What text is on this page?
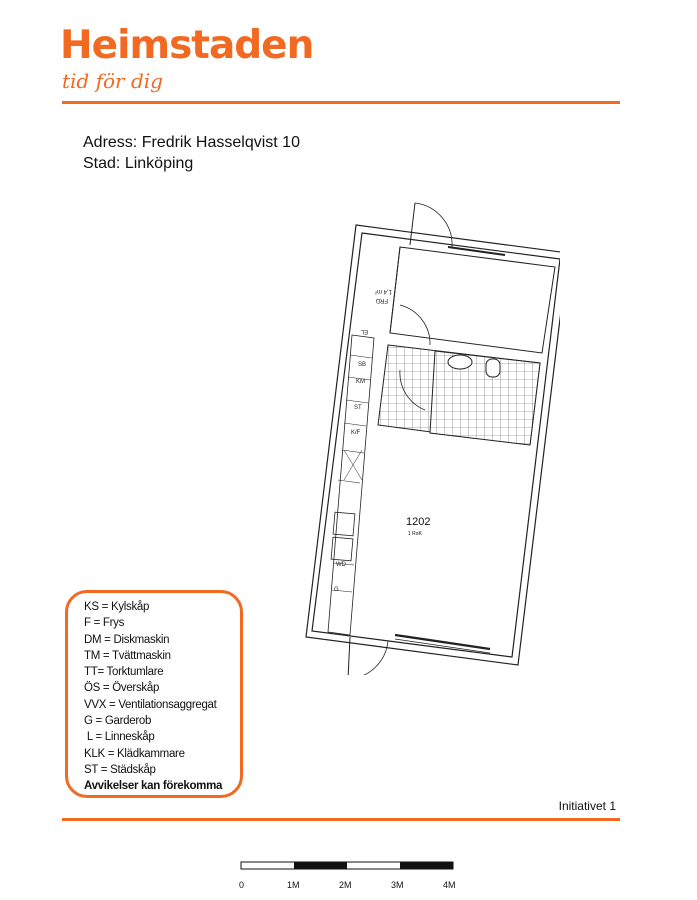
Heimstaden
tid för dig
Adress: Fredrik Hasselqvist 10
Stad: Linköping
EL
SB
KM
ST
K/F
WD
G
FRD
1,4 m²
1202
1 RoK
KS = Kylskåp
F = Frys
DM = Diskmaskin
TM = Tvättmaskin
TT= Torktumlare
ÖS = Överskåp
VVX = Ventilationsaggregat
G = Garderob
L = Linneskåp
KLK = Klädkammare
ST = Städskåp
Avvikelser kan förekomma
Initiativet 1
0	1M	2M	3M	4M
